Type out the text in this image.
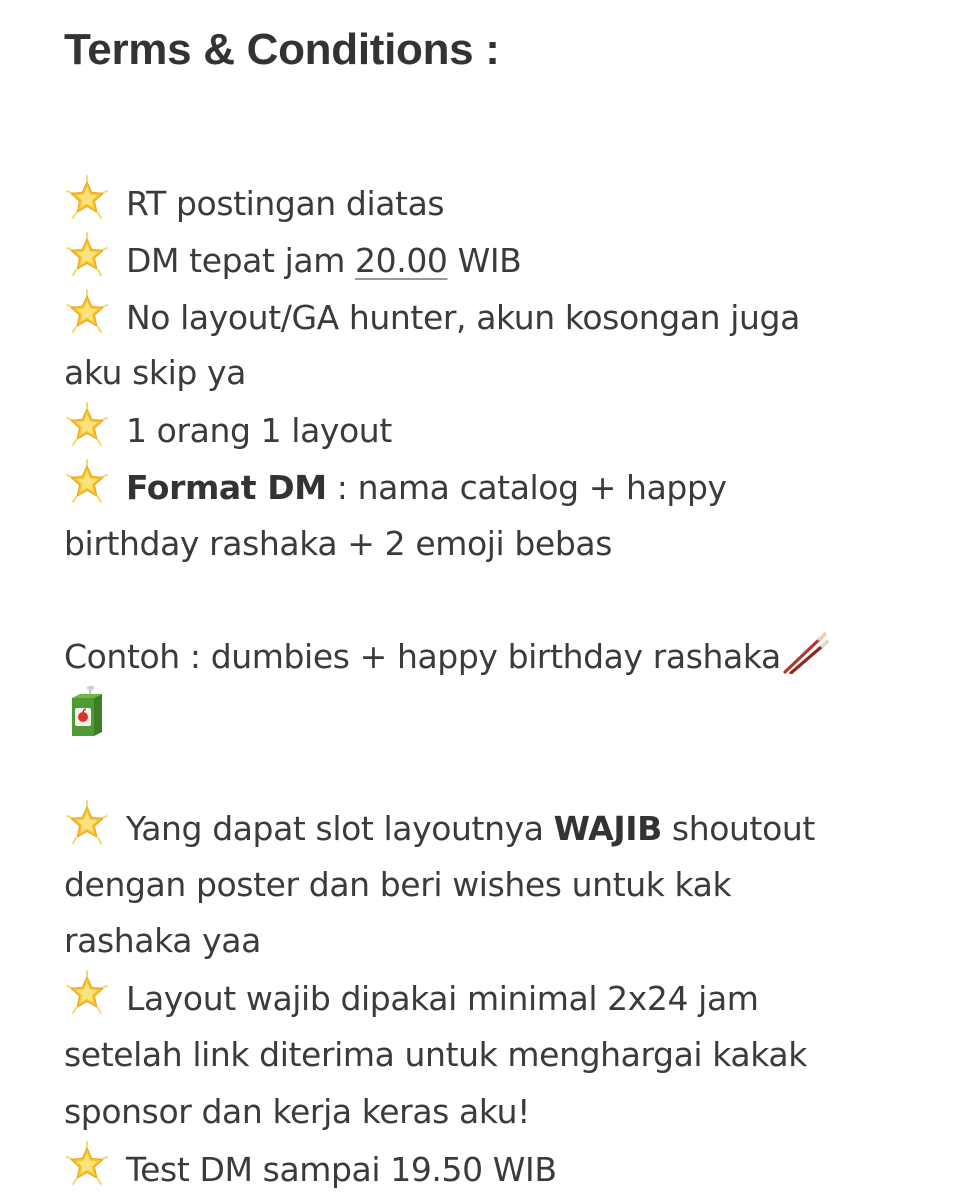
Terms & Conditions :
RT postingan diatas
DM tepat jam 20.00 WIB
No layout/GA hunter, akun kosongan juga
aku skip ya
1 orang 1 layout
Format DM : nama catalog + happy
birthday rashaka + 2 emoji bebas
Contoh : dumbies + happy birthday rashaka
Yang dapat slot layoutnya WAJIB shoutout
dengan poster dan beri wishes untuk kak
rashaka yaa
Layout wajib dipakai minimal 2x24 jam
setelah link diterima untuk menghargai kakak
sponsor dan kerja keras aku!
Test DM sampai 19.50 WIB
